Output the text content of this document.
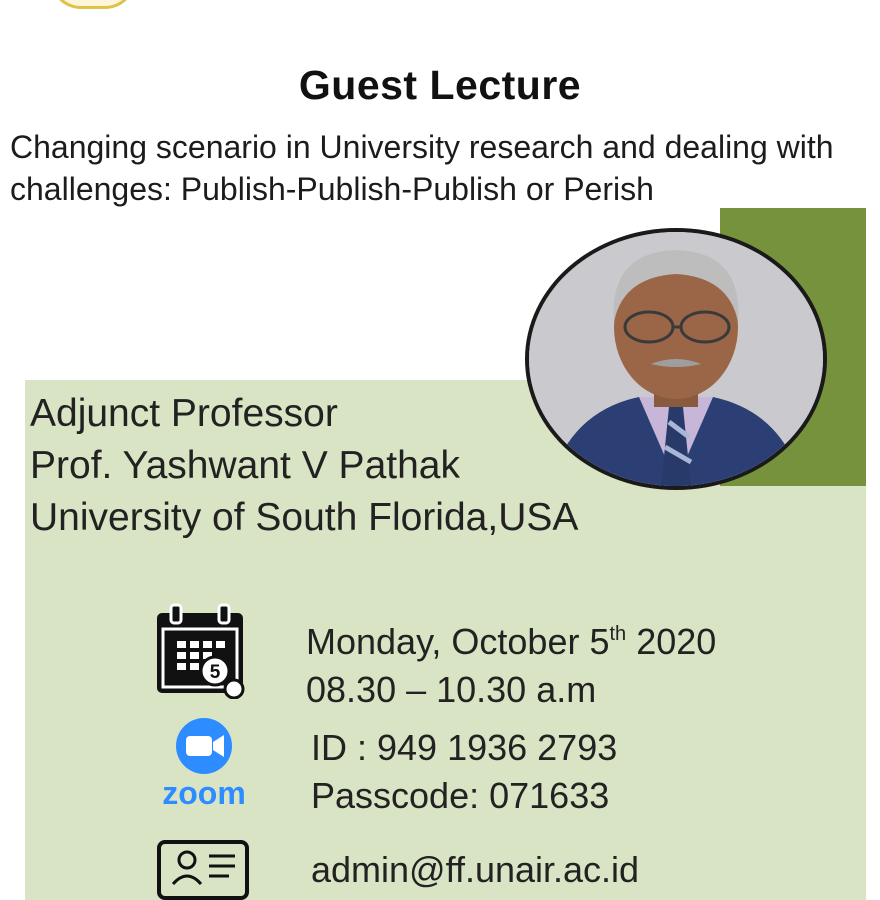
Guest Lecture
Changing scenario in University research and dealing with challenges: Publish-Publish-Publish or Perish
Adjunct Professor
Prof. Yashwant V Pathak
University of South Florida,USA
5
Monday, October 5th 2020
08.30 – 10.30 a.m
zoom
ID : 949 1936 2793
Passcode: 071633
admin@ff.unair.ac.id
